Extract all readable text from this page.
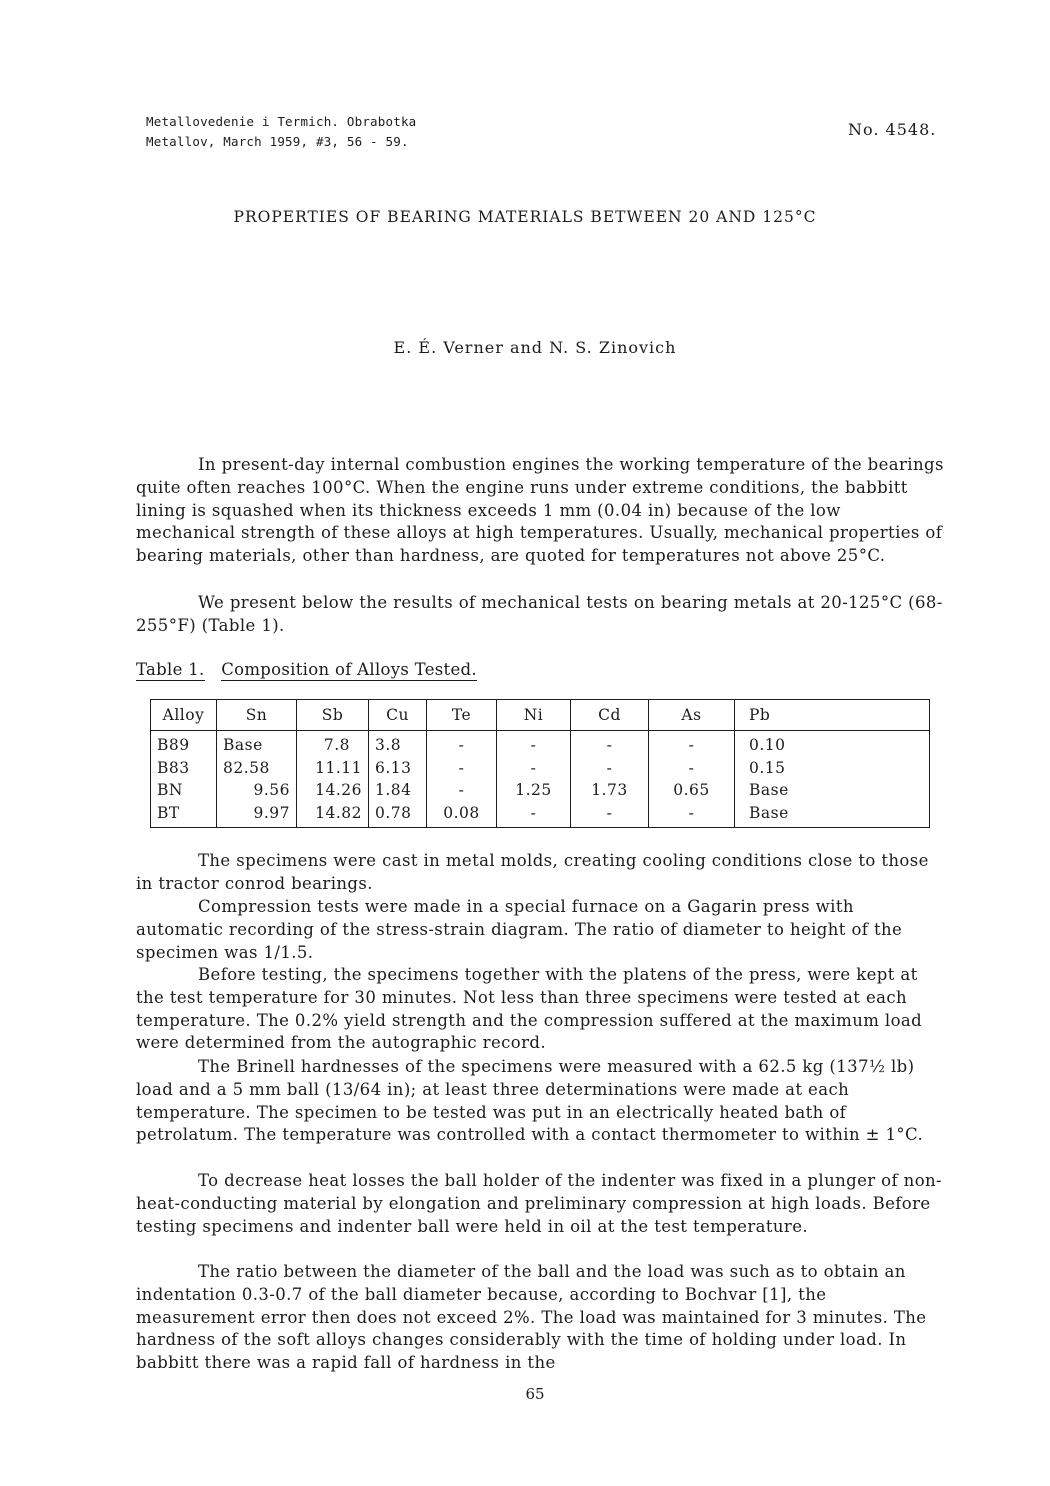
Metallovedenie i Termich. Obrabotka
Metallov, March 1959, #3, 56 - 59.
No. 4548.
PROPERTIES OF BEARING MATERIALS BETWEEN 20 AND 125°C
E. É. Verner and N. S. Zinovich

In present-day internal combustion engines the working temperature of the bearings quite often reaches 100°C. When the engine runs under extreme conditions, the babbitt lining is squashed when its thickness exceeds 1 mm (0.04 in) because of the low mechanical strength of these alloys at high temperatures. Usually, mechanical properties of bearing materials, other than hardness, are quoted for temperatures not above 25°C.

We present below the results of mechanical tests on bearing metals at 20-125°C (68-255°F) (Table 1).

Table 1. Composition of Alloys Tested.
Alloy	Sn	Sb	Cu	Te	Ni	Cd	As	Pb
B89	Base	7.8	3.8	-	-	-	-	0.10
B83	82.58	11.11	6.13	-	-	-	-	0.15
BN	9.56	14.26	1.84	-	1.25	1.73	0.65	Base
BT	9.97	14.82	0.78	0.08	-	-	-	Base

The specimens were cast in metal molds, creating cooling conditions close to those in tractor conrod bearings.

Compression tests were made in a special furnace on a Gagarin press with automatic recording of the stress-strain diagram. The ratio of diameter to height of the specimen was 1/1.5.

Before testing, the specimens together with the platens of the press, were kept at the test temperature for 30 minutes. Not less than three specimens were tested at each temperature. The 0.2% yield strength and the compression suffered at the maximum load were determined from the autographic record.

The Brinell hardnesses of the specimens were measured with a 62.5 kg (137½ lb) load and a 5 mm ball (13/64 in); at least three determinations were made at each temperature. The specimen to be tested was put in an electrically heated bath of petrolatum. The temperature was controlled with a contact thermometer to within ± 1°C.

To decrease heat losses the ball holder of the indenter was fixed in a plunger of non-heat-conducting material by elongation and preliminary compression at high loads. Before testing specimens and indenter ball were held in oil at the test temperature.

The ratio between the diameter of the ball and the load was such as to obtain an indentation 0.3-0.7 of the ball diameter because, according to Bochvar [1], the measurement error then does not exceed 2%. The load was maintained for 3 minutes. The hardness of the soft alloys changes considerably with the time of holding under load. In babbitt there was a rapid fall of hardness in the

65
